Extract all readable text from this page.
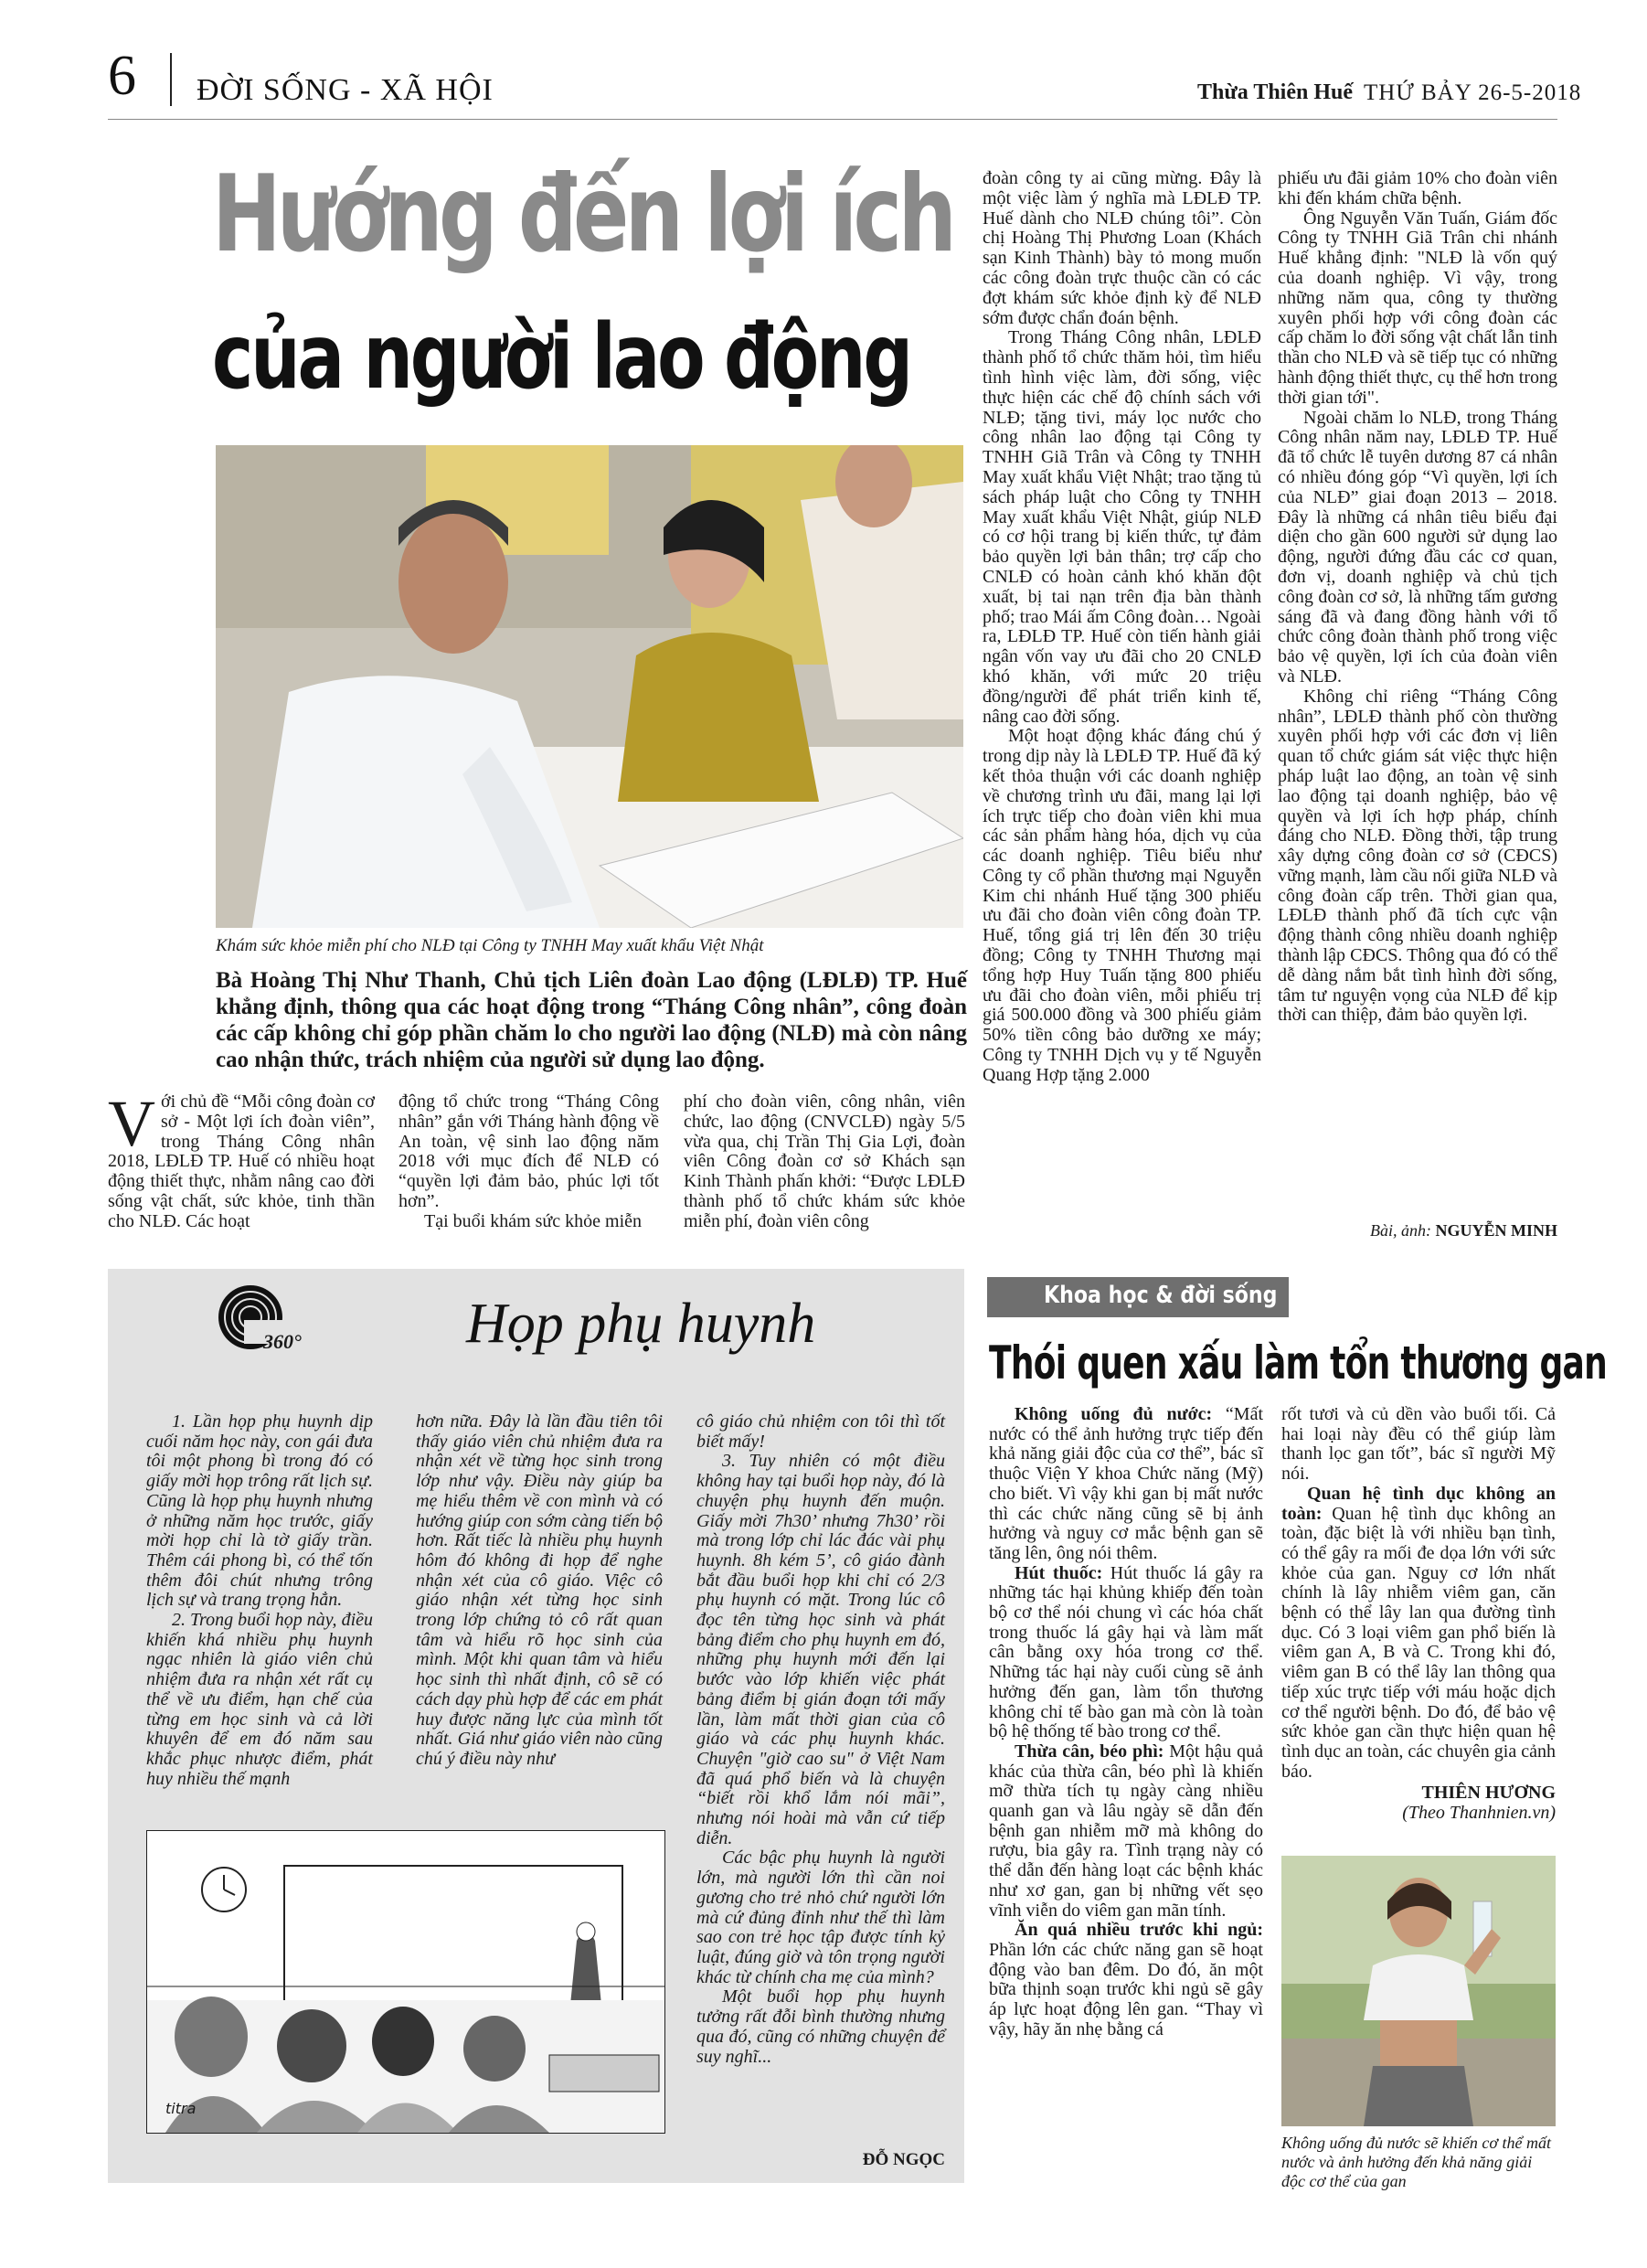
6 ĐỜI SỐNG - XÃ HỘI	Thừa Thiên Huế THỨ BẢY 26-5-2018
Hướng đến lợi ích
của người lao động
Khám sức khỏe miễn phí cho NLĐ tại Công ty TNHH May xuất khẩu Việt Nhật
Bà Hoàng Thị Như Thanh, Chủ tịch Liên đoàn Lao động (LĐLĐ) TP. Huế khẳng định, thông qua các hoạt động trong “Tháng Công nhân”, công đoàn các cấp không chỉ góp phần chăm lo cho người lao động (NLĐ) mà còn nâng cao nhận thức, trách nhiệm của người sử dụng lao động.

Với chủ đề “Mỗi công đoàn cơ sở - Một lợi ích đoàn viên”, trong Tháng Công nhân 2018, LĐLĐ TP. Huế có nhiều hoạt động thiết thực, nhằm nâng cao đời sống vật chất, sức khỏe, tinh thần cho NLĐ. Các hoạt

động tổ chức trong “Tháng Công nhân” gắn với Tháng hành động về An toàn, vệ sinh lao động năm 2018 với mục đích để NLĐ có “quyền lợi đảm bảo, phúc lợi tốt hơn”.

Tại buổi khám sức khỏe miễn

phí cho đoàn viên, công nhân, viên chức, lao động (CNVCLĐ) ngày 5/5 vừa qua, chị Trần Thị Gia Lợi, đoàn viên Công đoàn cơ sở Khách sạn Kinh Thành phấn khởi: “Được LĐLĐ thành phố tổ chức khám sức khỏe miễn phí, đoàn viên công

đoàn công ty ai cũng mừng. Đây là một việc làm ý nghĩa mà LĐLĐ TP. Huế dành cho NLĐ chúng tôi”. Còn chị Hoàng Thị Phương Loan (Khách sạn Kinh Thành) bày tỏ mong muốn các công đoàn trực thuộc cần có các đợt khám sức khỏe định kỳ để NLĐ sớm được chẩn đoán bệnh.

Trong Tháng Công nhân, LĐLĐ thành phố tổ chức thăm hỏi, tìm hiểu tình hình việc làm, đời sống, việc thực hiện các chế độ chính sách với NLĐ; tặng tivi, máy lọc nước cho công nhân lao động tại Công ty TNHH Giã Trân và Công ty TNHH May xuất khẩu Việt Nhật; trao tặng tủ sách pháp luật cho Công ty TNHH May xuất khẩu Việt Nhật, giúp NLĐ có cơ hội trang bị kiến thức, tự đảm bảo quyền lợi bản thân; trợ cấp cho CNLĐ có hoàn cảnh khó khăn đột xuất, bị tai nạn trên địa bàn thành phố; trao Mái ấm Công đoàn… Ngoài ra, LĐLĐ TP. Huế còn tiến hành giải ngân vốn vay ưu đãi cho 20 CNLĐ khó khăn, với mức 20 triệu đồng/người để phát triển kinh tế, nâng cao đời sống.

Một hoạt động khác đáng chú ý trong dịp này là LĐLĐ TP. Huế đã ký kết thỏa thuận với các doanh nghiệp về chương trình ưu đãi, mang lại lợi ích trực tiếp cho đoàn viên khi mua các sản phẩm hàng hóa, dịch vụ của các doanh nghiệp. Tiêu biểu như Công ty cổ phần thương mại Nguyễn Kim chi nhánh Huế tặng 300 phiếu ưu đãi cho đoàn viên công đoàn TP. Huế, tổng giá trị lên đến 30 triệu đồng; Công ty TNHH Thương mại tổng hợp Huy Tuấn tặng 800 phiếu ưu đãi cho đoàn viên, mỗi phiếu trị giá 500.000 đồng và 300 phiếu giảm 50% tiền công bảo dưỡng xe máy; Công ty TNHH Dịch vụ y tế Nguyễn Quang Hợp tặng 2.000

phiếu ưu đãi giảm 10% cho đoàn viên khi đến khám chữa bệnh.

Ông Nguyễn Văn Tuấn, Giám đốc Công ty TNHH Giã Trân chi nhánh Huế khẳng định: "NLĐ là vốn quý của doanh nghiệp. Vì vậy, trong những năm qua, công ty thường xuyên phối hợp với công đoàn các cấp chăm lo đời sống vật chất lẫn tinh thần cho NLĐ và sẽ tiếp tục có những hành động thiết thực, cụ thể hơn trong thời gian tới".

Ngoài chăm lo NLĐ, trong Tháng Công nhân năm nay, LĐLĐ TP. Huế đã tổ chức lễ tuyên dương 87 cá nhân có nhiều đóng góp “Vì quyền, lợi ích của NLĐ” giai đoạn 2013 – 2018. Đây là những cá nhân tiêu biểu đại diện cho gần 600 người sử dụng lao động, người đứng đầu các cơ quan, đơn vị, doanh nghiệp và chủ tịch công đoàn cơ sở, là những tấm gương sáng đã và đang đồng hành với tổ chức công đoàn thành phố trong việc bảo vệ quyền, lợi ích của đoàn viên và NLĐ.

Không chỉ riêng “Tháng Công nhân”, LĐLĐ thành phố còn thường xuyên phối hợp với các đơn vị liên quan tổ chức giám sát việc thực hiện pháp luật lao động, an toàn vệ sinh lao động tại doanh nghiệp, bảo vệ quyền và lợi ích hợp pháp, chính đáng cho NLĐ. Đồng thời, tập trung xây dựng công đoàn cơ sở (CĐCS) vững mạnh, làm cầu nối giữa NLĐ và công đoàn cấp trên. Thời gian qua, LĐLĐ thành phố đã tích cực vận động thành công nhiều doanh nghiệp thành lập CĐCS. Thông qua đó có thể dễ dàng nắm bắt tình hình đời sống, tâm tư nguyện vọng của NLĐ để kịp thời can thiệp, đảm bảo quyền lợi.

Bài, ảnh: NGUYỄN MINH
360°	Họp phụ huynh

1. Lần họp phụ huynh dịp cuối năm học này, con gái đưa tôi một phong bì trong đó có giấy mời họp trông rất lịch sự. Cũng là họp phụ huynh nhưng ở những năm học trước, giấy mời họp chỉ là tờ giấy trần. Thêm cái phong bì, có thể tốn thêm đôi chút nhưng trông lịch sự và trang trọng hẳn.

2. Trong buổi họp này, điều khiến khá nhiều phụ huynh ngạc nhiên là giáo viên chủ nhiệm đưa ra nhận xét rất cụ thể về ưu điểm, hạn chế của từng em học sinh và cả lời khuyên để em đó năm sau khắc phục nhược điểm, phát huy nhiều thế mạnh

hơn nữa. Đây là lần đầu tiên tôi thấy giáo viên chủ nhiệm đưa ra nhận xét về từng học sinh trong lớp như vậy. Điều này giúp ba mẹ hiểu thêm về con mình và có hướng giúp con sớm càng tiến bộ hơn. Rất tiếc là nhiều phụ huynh hôm đó không đi họp để nghe nhận xét của cô giáo. Việc cô giáo nhận xét từng học sinh trong lớp chứng tỏ cô rất quan tâm và hiểu rõ học sinh của mình. Một khi quan tâm và hiểu học sinh thì nhất định, cô sẽ có cách dạy phù hợp để các em phát huy được năng lực của mình tốt nhất. Giá như giáo viên nào cũng chú ý điều này như

cô giáo chủ nhiệm con tôi thì tốt biết mấy!

3. Tuy nhiên có một điều không hay tại buổi họp này, đó là chuyện phụ huynh đến muộn. Giấy mời 7h30’ nhưng 7h30’ rồi mà trong lớp chỉ lác đác vài phụ huynh. 8h kém 5’, cô giáo đành bắt đầu buổi họp khi chỉ có 2/3 phụ huynh có mặt. Trong lúc cô đọc tên từng học sinh và phát bảng điểm cho phụ huynh em đó, những phụ huynh mới đến lại bước vào lớp khiến việc phát bảng điểm bị gián đoạn tới mấy lần, làm mất thời gian của cô giáo và các phụ huynh khác. Chuyện "giờ cao su" ở Việt Nam đã quá phổ biến và là chuyện “biết rồi khổ lắm nói mãi”, nhưng nói hoài mà vẫn cứ tiếp diễn.

Các bậc phụ huynh là người lớn, mà người lớn thì cần noi gương cho trẻ nhỏ chứ người lớn mà cứ đủng đỉnh như thế thì làm sao con trẻ học tập được tính kỷ luật, đúng giờ và tôn trọng người khác từ chính cha mẹ của mình?

Một buổi họp phụ huynh tưởng rất đỗi bình thường nhưng qua đó, cũng có những chuyện để suy nghĩ...

ĐỖ NGỌC
titra
Khoa học & đời sống
Thói quen xấu làm tổn thương gan

Không uống đủ nước: “Mất nước có thể ảnh hưởng trực tiếp đến khả năng giải độc của cơ thể”, bác sĩ thuộc Viện Y khoa Chức năng (Mỹ) cho biết. Vì vậy khi gan bị mất nước thì các chức năng cũng sẽ bị ảnh hưởng và nguy cơ mắc bệnh gan sẽ tăng lên, ông nói thêm.

Hút thuốc: Hút thuốc lá gây ra những tác hại khủng khiếp đến toàn bộ cơ thể nói chung vì các hóa chất trong thuốc lá gây hại và làm mất cân bằng oxy hóa trong cơ thể. Những tác hại này cuối cùng sẽ ảnh hưởng đến gan, làm tổn thương không chỉ tế bào gan mà còn là toàn bộ hệ thống tế bào trong cơ thể.

Thừa cân, béo phì: Một hậu quả khác của thừa cân, béo phì là khiến mỡ thừa tích tụ ngày càng nhiều quanh gan và lâu ngày sẽ dẫn đến bệnh gan nhiễm mỡ mà không do rượu, bia gây ra. Tình trạng này có thể dẫn đến hàng loạt các bệnh khác như xơ gan, gan bị những vết sẹo vĩnh viễn do viêm gan mãn tính.

Ăn quá nhiều trước khi ngủ: Phần lớn các chức năng gan sẽ hoạt động vào ban đêm. Do đó, ăn một bữa thịnh soạn trước khi ngủ sẽ gây áp lực hoạt động lên gan. “Thay vì vậy, hãy ăn nhẹ bằng cá

rốt tươi và củ dền vào buổi tối. Cả hai loại này đều có thể giúp làm thanh lọc gan tốt”, bác sĩ người Mỹ nói.

Quan hệ tình dục không an toàn: Quan hệ tình dục không an toàn, đặc biệt là với nhiều bạn tình, có thể gây ra mối đe dọa lớn với sức khỏe của gan. Nguy cơ lớn nhất chính là lây nhiễm viêm gan, căn bệnh có thể lây lan qua đường tình dục. Có 3 loại viêm gan phổ biến là viêm gan A, B và C. Trong khi đó, viêm gan B có thể lây lan thông qua tiếp xúc trực tiếp với máu hoặc dịch cơ thể người bệnh. Do đó, để bảo vệ sức khỏe gan cần thực hiện quan hệ tình dục an toàn, các chuyên gia cảnh báo.

THIÊN HƯƠNG

(Theo Thanhnien.vn)

Không uống đủ nước sẽ khiến cơ thể mất nước và ảnh hưởng đến khả năng giải độc cơ thể của gan
